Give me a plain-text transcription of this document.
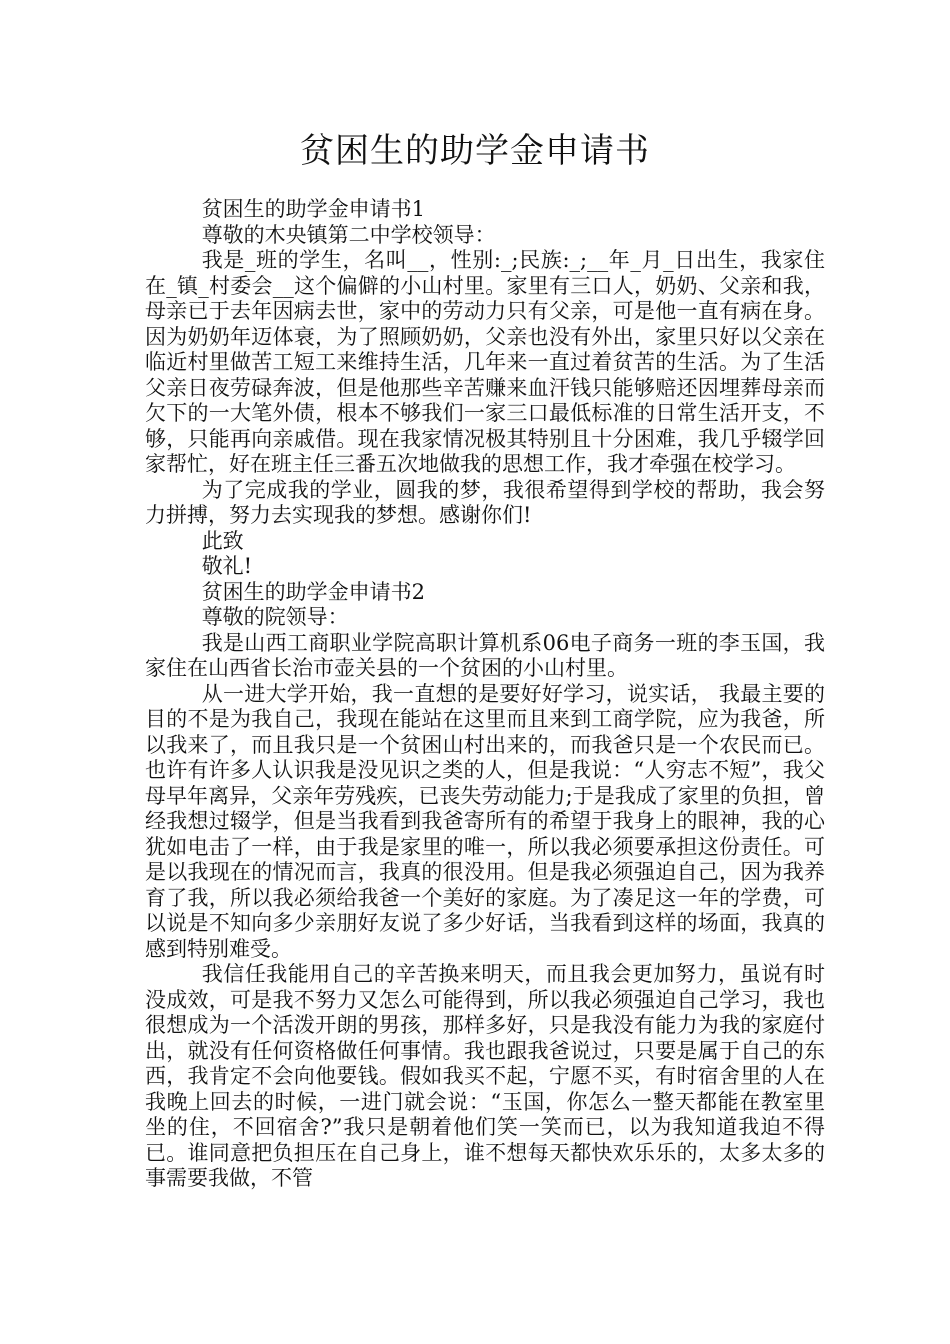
贫困生的助学金申请书

贫困生的助学金申请书1

尊敬的木央镇第二中学校领导：

我是_班的学生，名叫__，性别:_;民族:_;__年_月_日出生，我家住在_镇_村委会__这个偏僻的小山村里。家里有三口人，奶奶、父亲和我，母亲已于去年因病去世，家中的劳动力只有父亲，可是他一直有病在身。因为奶奶年迈体衰，为了照顾奶奶，父亲也没有外出，家里只好以父亲在临近村里做苦工短工来维持生活，几年来一直过着贫苦的生活。为了生活父亲日夜劳碌奔波，但是他那些辛苦赚来血汗钱只能够赔还因埋葬母亲而欠下的一大笔外债，根本不够我们一家三口最低标准的日常生活开支，不够，只能再向亲戚借。现在我家情况极其特别且十分困难，我几乎辍学回家帮忙，好在班主任三番五次地做我的思想工作，我才牵强在校学习。

为了完成我的学业，圆我的梦，我很希望得到学校的帮助，我会努力拼搏，努力去实现我的梦想。感谢你们!

此致

敬礼!

贫困生的助学金申请书2

尊敬的院领导：

我是山西工商职业学院高职计算机系06电子商务一班的李玉国，我家住在山西省长治市壶关县的一个贫困的小山村里。

从一进大学开始，我一直想的是要好好学习，说实话， 我最主要的目的不是为我自己，我现在能站在这里而且来到工商学院，应为我爸，所以我来了，而且我只是一个贫困山村出来的，而我爸只是一个农民而已。也许有许多人认识我是没见识之类的人，但是我说：“人穷志不短”，我父母早年离异，父亲年劳残疾，已丧失劳动能力;于是我成了家里的负担，曾经我想过辍学，但是当我看到我爸寄所有的希望于我身上的眼神，我的心犹如电击了一样，由于我是家里的唯一，所以我必须要承担这份责任。可是以我现在的情况而言，我真的很没用。但是我必须强迫自己，因为我养育了我，所以我必须给我爸一个美好的家庭。为了凑足这一年的学费，可以说是不知向多少亲朋好友说了多少好话，当我看到这样的场面，我真的感到特别难受。

我信任我能用自己的辛苦换来明天，而且我会更加努力，虽说有时没成效，可是我不努力又怎么可能得到，所以我必须强迫自己学习，我也很想成为一个活泼开朗的男孩，那样多好，只是我没有能力为我的家庭付出，就没有任何资格做任何事情。我也跟我爸说过，只要是属于自己的东西，我肯定不会向他要钱。假如我买不起，宁愿不买，有时宿舍里的人在我晚上回去的时候，一进门就会说：“玉国，你怎么一整天都能在教室里坐的住，不回宿舍?”我只是朝着他们笑一笑而已，以为我知道我迫不得已。谁同意把负担压在自己身上，谁不想每天都快欢乐乐的，太多太多的事需要我做，不管
